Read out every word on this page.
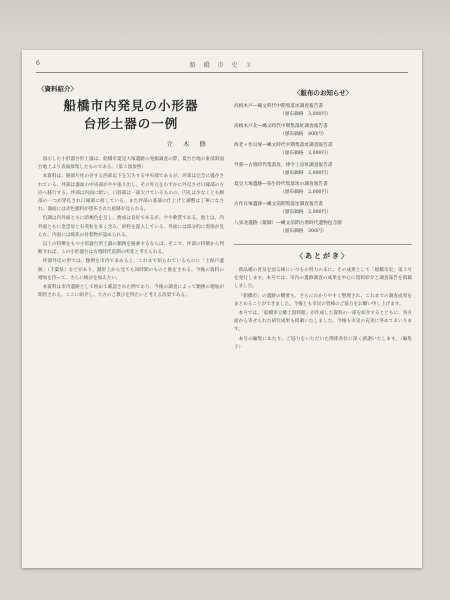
6	船 橋 市 史 ３
〈資料紹介〉
船橋市内発見の小形器
台形土器の一例
立 木 修

図示した小形器台形土器は、船橋市夏見大塚遺跡の発掘調査の際、夏台台地の東部斜面台地上より表面採集したものである。（第３図参照）

本資料は、胴部片化の存する西部以下を欠失する中央部であるが、坪部は完全に遺存されている。坪部は器面の中央部がやや張り出し、その外元をわずかに外反させ口縁部の方向へ移行する。坪部は内面に暗い、口唇部は一部欠けているものの、円孔は少なくとも胴部の一つが穿孔され口縁部に接している。また坪部の基部の仕上げと調整は丁寧になされ、器面には赤色顔料が塗布された痕跡が見られる。

色調は内外面ともに暗褐色を呈し、焼成は良好であるが、やや軟質である。胎土は、内外面ともに金雲母と石英粒を多く含み、砂粒を混入している。外面には部分的に黒斑が見られ、内面には煤状の付着物が認められる。

以上の特徴をもつ小形器台形土器の類例を検索するならば、そこで、坪部の特徴から判断すれば、この小形器台は古墳時代前期の所産と考えられる。

坪部外反の形では、類例を市内で求めると、これまで知られているものに「上保戸遺跡」（千葉県）などがあり、器形上から見ても同時期のものと推定される。今後の資料の増加を待って、さらに検討を加えたい。

本資料は市内遺跡として初めて確認された例であり、今後の調査によって類例の増加が期待される。ここに紹介し、大方のご教示を得たいと考える次第である。

〈販布のお知らせ〉
高根木戸―縄文時代中期集落址調査報告書
（頒布価格　3,000円）
高根木戸北―縄文時代中期集落址調査報告書
（頒布価格　800円）
海老ヶ作貝塚―縄文時代中期集落址調査報告書
（頒布価格　3,000円）
外郭―古墳時代集落址、律令工房址調査報告書
（頒布価格　2,000円）
夏見大塚遺跡―弥生時代集落址の調査報告書
（頒布価格　2,000円）
古作貝塚遺跡―縄文前期集落址調査報告書
（頒布価格　2,000円）
八栄北遺跡（薬師）―縄文前期古墳時代遺物包含層
（頒布価格　300円）
〈あとがき〉

新品種の普及を図る様にいつもの努力の末に、その成果として「船橋市史」第３号を発行します。本号では、市内の遺跡調査の成果を中心に資料紹介と調査報告を掲載しました。

「船橋市」の遺跡の概要も、さらにわかりやすく整理され、これまでの調査成果をまとめることができました。今後とも市民の皆様のご協力をお願い申し上げます。

本号では、「船橋市立郷土資料館」が作成した資料の一部を紹介するとともに、各方面から寄せられた研究成果も掲載いたしました。今後も市史の充実に努めてまいります。

本号の編集にあたり、ご協力をいただいた関係各位に深く感謝いたします。（編集子）
